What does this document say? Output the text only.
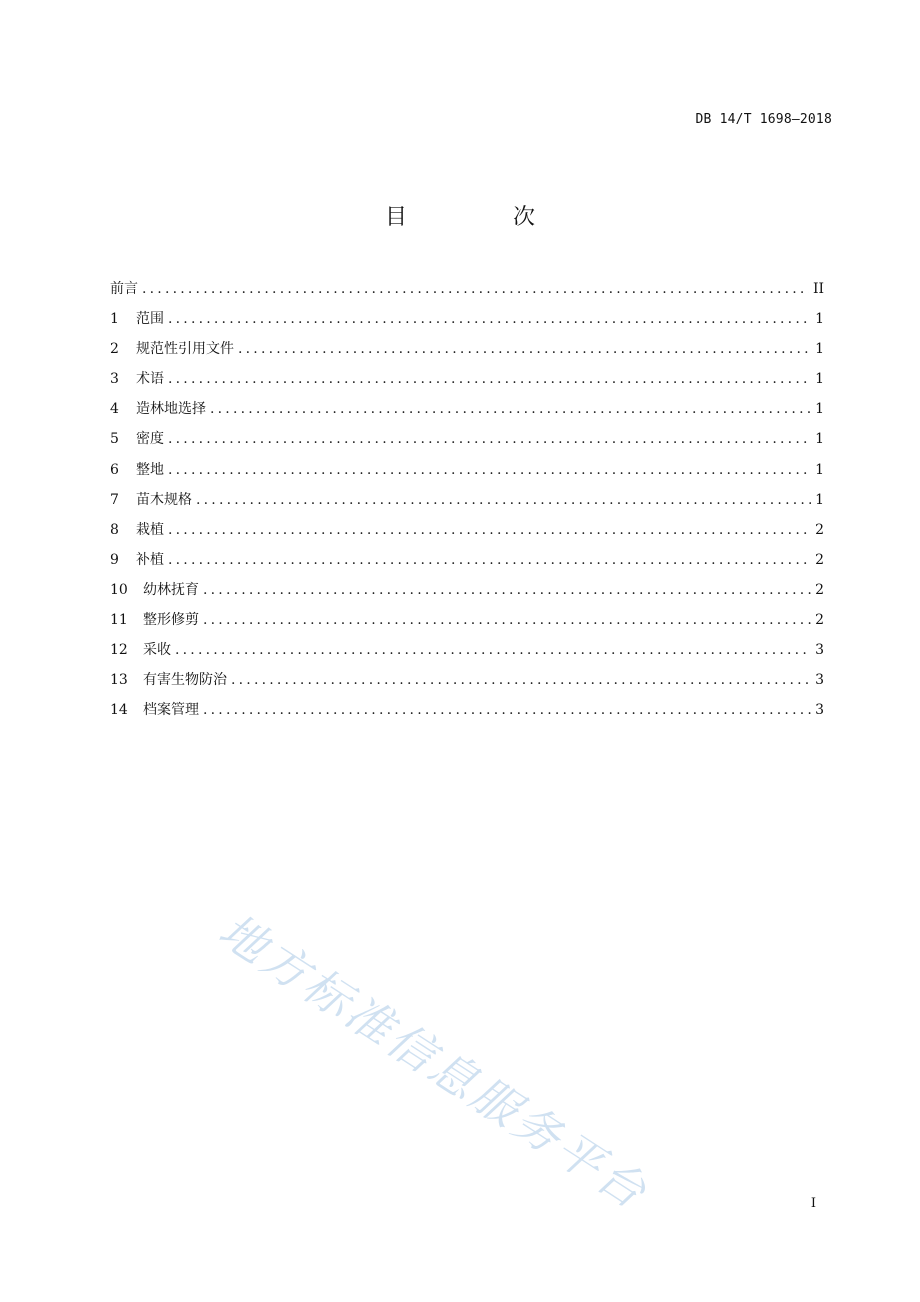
DB 14/T 1698—2018
目　次
前言 .....	II
1	范围 .....	1
2	规范性引用文件 .....	1
3	术语 .....	1
4	造林地选择 .....	1
5	密度 .....	1
6	整地 .....	1
7	苗木规格 .....	1
8	栽植 .....	2
9	补植 .....	2
10	幼林抚育 .....	2
11	整形修剪 .....	2
12	采收 .....	3
13	有害生物防治 .....	3
14	档案管理 .....	3
地方标准信息服务平台	I
